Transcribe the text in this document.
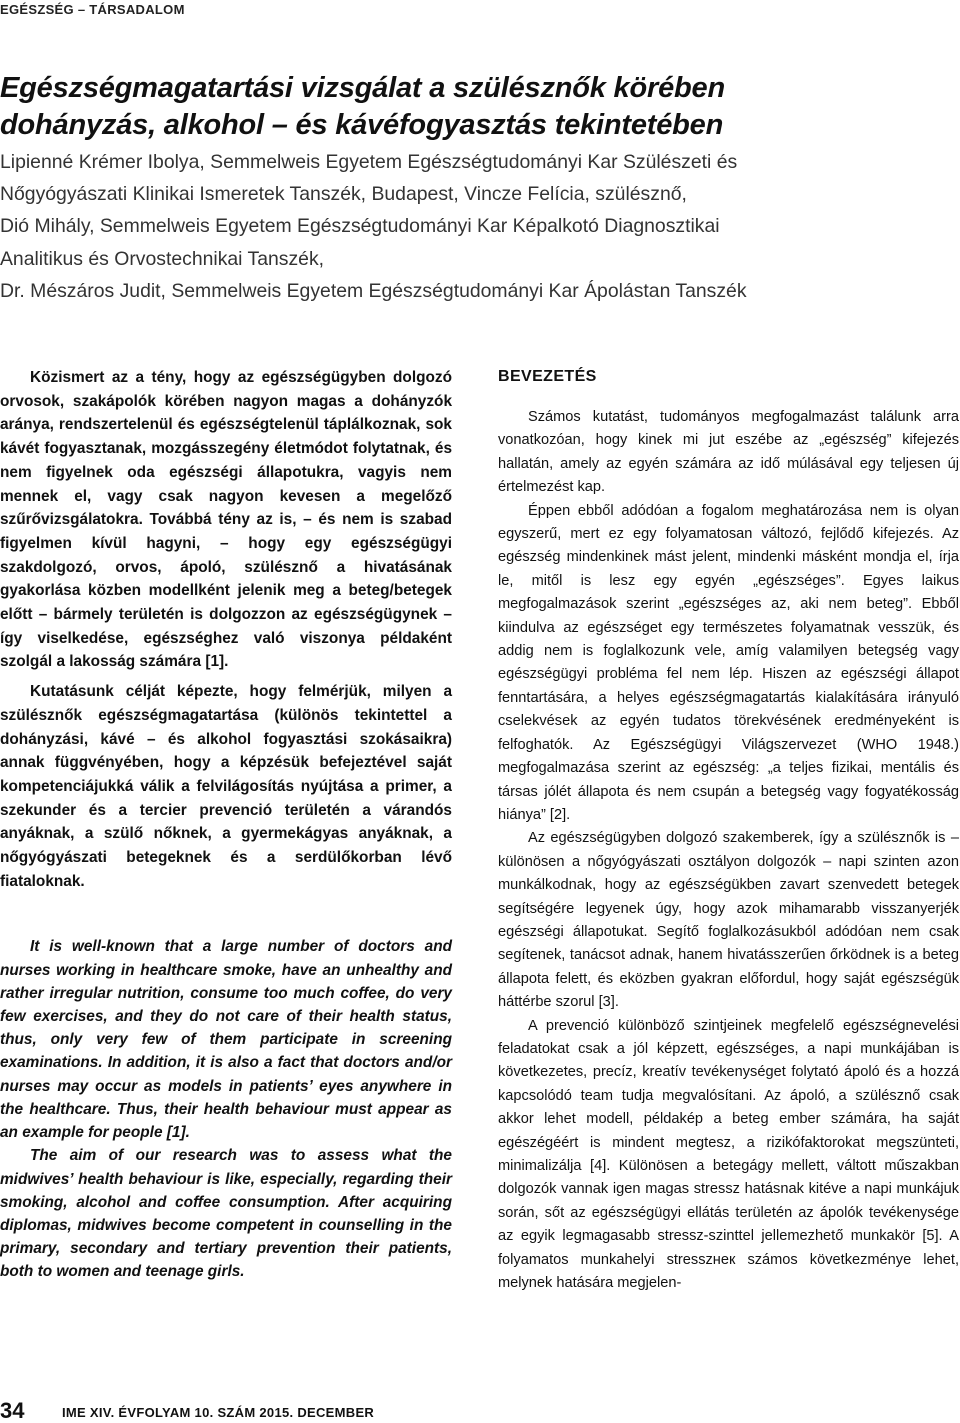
EGÉSZSÉG – TÁRSADALOM
Egészségmagatartási vizsgálat a szülésznők körében
dohányzás, alkohol – és kávéfogyasztás tekintetében
Lipienné Krémer Ibolya, Semmelweis Egyetem Egészségtudományi Kar Szülészeti és
Nőgyógyászati Klinikai Ismeretek Tanszék, Budapest, Vincze Felícia, szülésznő,
Dió Mihály, Semmelweis Egyetem Egészségtudományi Kar Képalkotó Diagnosztikai
Analitikus és Orvostechnikai Tanszék,
Dr. Mészáros Judit, Semmelweis Egyetem Egészségtudományi Kar Ápolástan Tanszék

Közismert az a tény, hogy az egészségügyben dolgozó orvosok, szakápolók körében nagyon magas a dohányzók aránya, rendszertelenül és egészségtelenül táplálkoznak, sok kávét fogyasztanak, mozgásszegény életmódot folytatnak, és nem figyelnek oda egészségi állapotukra, vagyis nem mennek el, vagy csak nagyon kevesen a megelőző szűrővizsgálatokra. Továbbá tény az is, – és nem is szabad figyelmen kívül hagyni, – hogy egy egészségügyi szakdolgozó, orvos, ápoló, szülésznő a hivatásának gyakorlása közben modellként jelenik meg a beteg/betegek előtt – bármely területén is dolgozzon az egészségügynek – így viselkedése, egészséghez való viszonya példaként szolgál a lakosság számára [1].

Kutatásunk célját képezte, hogy felmérjük, milyen a szülésznők egészségmagatartása (különös tekintettel a dohányzási, kávé – és alkohol fogyasztási szokásaikra) annak függvényében, hogy a képzésük befejeztével saját kompetenciájukká válik a felvilágosítás nyújtása a primer, a szekunder és a tercier prevenció területén a várandós anyáknak, a szülő nőknek, a gyermekágyas anyáknak, a nőgyógyászati betegeknek és a serdülőkorban lévő fiataloknak.

It is well-known that a large number of doctors and nurses working in healthcare smoke, have an unhealthy and rather irregular nutrition, consume too much coffee, do very few exercises, and they do not care of their health status, thus, only very few of them participate in screening examinations. In addition, it is also a fact that doctors and/or nurses may occur as models in patients’ eyes anywhere in the healthcare. Thus, their health behaviour must appear as an example for people [1].

The aim of our research was to assess what the midwives’ health behaviour is like, especially, regarding their smoking, alcohol and coffee consumption. After acquiring diplomas, midwives become competent in counselling in the primary, secondary and tertiary prevention their patients, both to women and teenage girls.

BEVEZETÉS

Számos kutatást, tudományos megfogalmazást találunk arra vonatkozóan, hogy kinek mi jut eszébe az „egészség” kifejezés hallatán, amely az egyén számára az idő múlásával egy teljesen új értelmezést kap.

Éppen ebből adódóan a fogalom meghatározása nem is olyan egyszerű, mert ez egy folyamatosan változó, fejlődő kifejezés. Az egészség mindenkinek mást jelent, mindenki másként mondja el, írja le, mitől is lesz egy egyén „egészséges”. Egyes laikus megfogalmazások szerint „egészséges az, aki nem beteg”. Ebből kiindulva az egészséget egy természetes folyamatnak vesszük, és addig nem is foglalkozunk vele, amíg valamilyen betegség vagy egészségügyi probléma fel nem lép. Hiszen az egészségi állapot fenntartására, a helyes egészségmagatartás kialakítására irányuló cselekvések az egyén tudatos törekvésének eredményeként is felfoghatók. Az Egészségügyi Világszervezet (WHO 1948.) megfogalmazása szerint az egészség: „a teljes fizikai, mentális és társas jólét állapota és nem csupán a betegség vagy fogyatékosság hiánya” [2].

Az egészségügyben dolgozó szakemberek, így a szülésznők is – különösen a nőgyógyászati osztályon dolgozók – napi szinten azon munkálkodnak, hogy az egészségükben zavart szenvedett betegek segítségére legyenek úgy, hogy azok mihamarabb visszanyerjék egészségi állapotukat. Segítő foglalkozásukból adódóan nem csak segítenek, tanácsot adnak, hanem hivatásszerűen őrködnek is a beteg állapota felett, és eközben gyakran előfordul, hogy saját egészségük háttérbe szorul [3].

A prevenció különböző szintjeinek megfelelő egészségnevelési feladatokat csak a jól képzett, egészséges, a napi munkájában is következetes, precíz, kreatív tevékenységet folytató ápoló és a hozzá kapcsolódó team tudja megvalósítani. Az ápoló, a szülésznő csak akkor lehet modell, példakép a beteg ember számára, ha saját egészégéért is mindent megtesz, a rizikófaktorokat megszünteti, minimalizálja [4]. Különösen a betegágy mellett, váltott műszakban dolgozók vannak igen magas stressz hatásnak kitéve a napi munkájuk során, sőt az egészségügyi ellátás területén az ápolók tevékenysége az egyik legmagasabb stressz-szinttel jellemezhető munkakör [5]. A folyamatos munkahelyi stresszнек számos következménye lehet, melynek hatására megjelen-

34	IME XIV. ÉVFOLYAM 10. SZÁM 2015. DECEMBER
